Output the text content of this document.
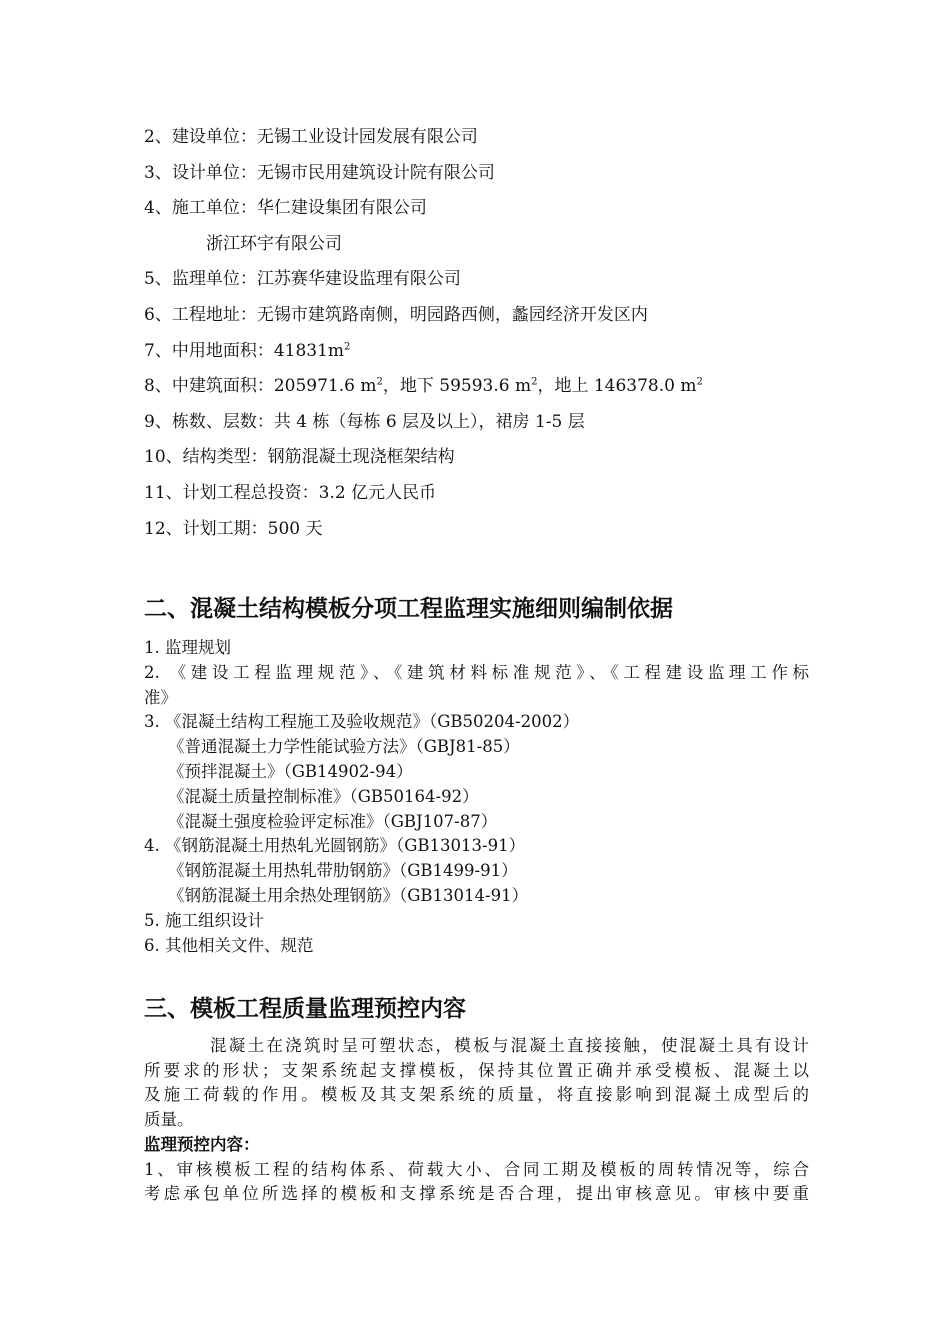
2、建设单位：无锡工业设计园发展有限公司
3、设计单位：无锡市民用建筑设计院有限公司
4、施工单位：华仁建设集团有限公司
浙江环宇有限公司
5、监理单位：江苏赛华建设监理有限公司
6、工程地址：无锡市建筑路南侧，明园路西侧，蠡园经济开发区内
7、中用地面积：$41831m^2$
8、中建筑面积：205971.6 $m^2$，地下 59593.6 $m^2$，地上 146378.0 $m^2$
9、栋数、层数：共 4 栋（每栋 6 层及以上），裙房 1-5 层
10、结构类型：钢筋混凝土现浇框架结构
11、计划工程总投资：3.2 亿元人民币
12、计划工期：500 天
二、混凝土结构模板分项工程监理实施细则编制依据
1. 监理规划
2. 《建设工程监理规范》、《建筑材料标准规范》、《工程建设监理工作标
准》
3. 《混凝土结构工程施工及验收规范》（GB50204-2002）
《普通混凝土力学性能试验方法》（GBJ81-85）
《预拌混凝土》（GB14902-94）
《混凝土质量控制标准》（GB50164-92）
《混凝土强度检验评定标准》（GBJ107-87）
4. 《钢筋混凝土用热轧光圆钢筋》（GB13013-91）
《钢筋混凝土用热轧带肋钢筋》（GB1499-91）
《钢筋混凝土用余热处理钢筋》（GB13014-91）
5. 施工组织设计
6. 其他相关文件、规范
三、模板工程质量监理预控内容
混凝土在浇筑时呈可塑状态，模板与混凝土直接接触，使混凝土具有设计
所要求的形状；支架系统起支撑模板，保持其位置正确并承受模板、混凝土以
及施工荷载的作用。模板及其支架系统的质量，将直接影响到混凝土成型后的
质量。
监理预控内容：
1、审核模板工程的结构体系、荷载大小、合同工期及模板的周转情况等，综合
考虑承包单位所选择的模板和支撑系统是否合理，提出审核意见。审核中要重
